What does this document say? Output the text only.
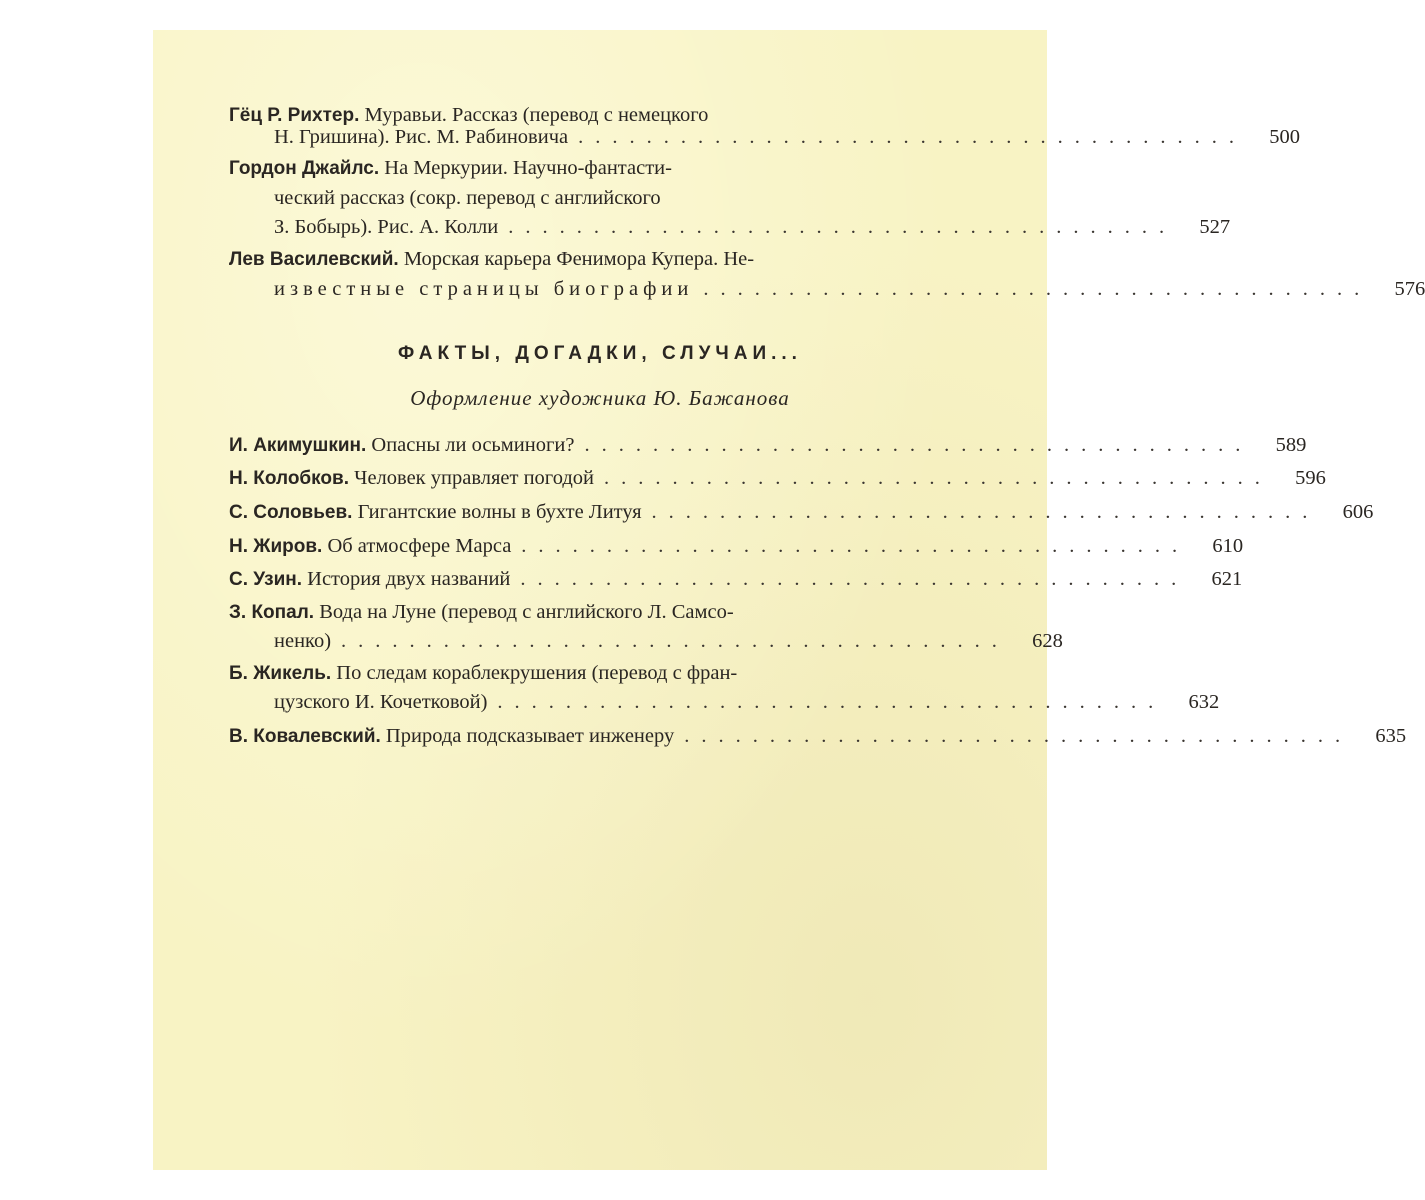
Гёц Р. Рихтер. Муравьи. Рассказ (перевод с немецкого
Н. Гришина). Рис. М. Рабиновича .......................................	500
Гордон Джайлс. На Меркурии. Научно-фантасти-
ческий рассказ (сокр. перевод с английского
З. Бобырь). Рис. А. Колли .......................................	527
Лев Василевский. Морская карьера Фенимора Купера. Не-
известные страницы биографии .......................................	576
ФАКТЫ, ДОГАДКИ, СЛУЧАИ...
Оформление художника Ю. Бажанова
И. Акимушкин. Опасны ли осьминоги? .......................................	589
Н. Колобков. Человек управляет погодой .......................................	596
С. Соловьев. Гигантские волны в бухте Литуя .......................................	606
Н. Жиров. Об атмосфере Марса .......................................	610
С. Узин. История двух названий .......................................	621
З. Копал. Вода на Луне (перевод с английского Л. Самсо-
ненко) .......................................	628
Б. Жикель. По следам кораблекрушения (перевод с фран-
цузского И. Кочетковой) .......................................	632
В. Ковалевский. Природа подсказывает инженеру .......................................	635
